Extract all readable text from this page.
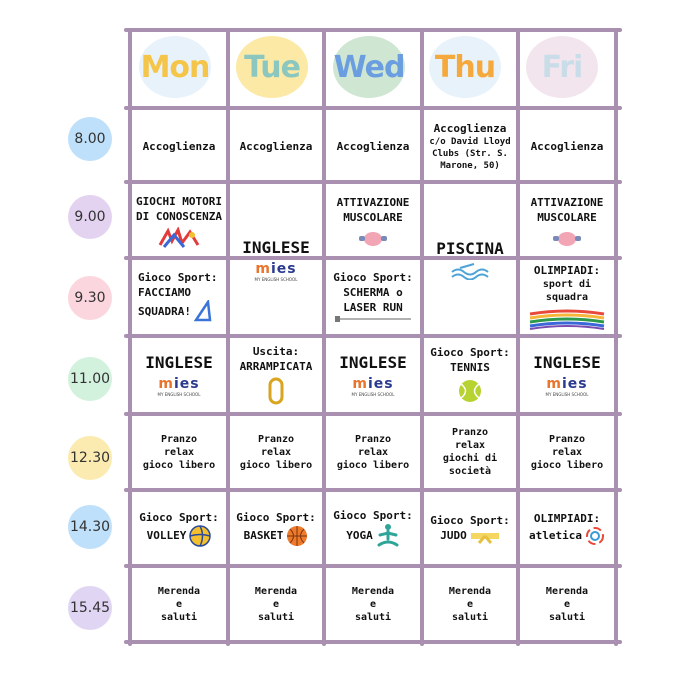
Mon Tue Wed Thu Fri
8.00
9.00
9.30
11.00
12.30
14.30
15.45
Accoglienza Accoglienza Accoglienza
Accoglienza
c/o David Lloyd
Clubs (Str. S.
Marone, 50)
Accoglienza
GIOCHI MOTORI
DI CONOSCENZA
INGLESE
mies
MY ENGLISH SCHOOL
ATTIVAZIONE
MUSCOLARE
PISCINA
ATTIVAZIONE
MUSCOLARE
Gioco Sport:
FACCIAMO
SQUADRA!
Gioco Sport:
SCHERMA o
LASER RUN
OLIMPIADI:
sport di squadra
INGLESE
mies
MY ENGLISH SCHOOL
Uscita:
ARRAMPICATA INGLESE
mies
MY ENGLISH SCHOOL
Gioco Sport:
TENNIS	INGLESE
mies
MY ENGLISH SCHOOL
Pranzo
relax
gioco libero
Pranzo
relax
gioco libero
Pranzo
relax
gioco libero
Pranzo
relax
giochi di società
Pranzo
relax
gioco libero
Gioco Sport:
VOLLEY
Gioco Sport:
BASKET
Gioco Sport:
YOGA
Gioco Sport:
JUDO
OLIMPIADI:
atletica
Merenda
e
saluti
Merenda
e
saluti
Merenda
e
saluti
Merenda
e
saluti
Merenda
e
saluti
